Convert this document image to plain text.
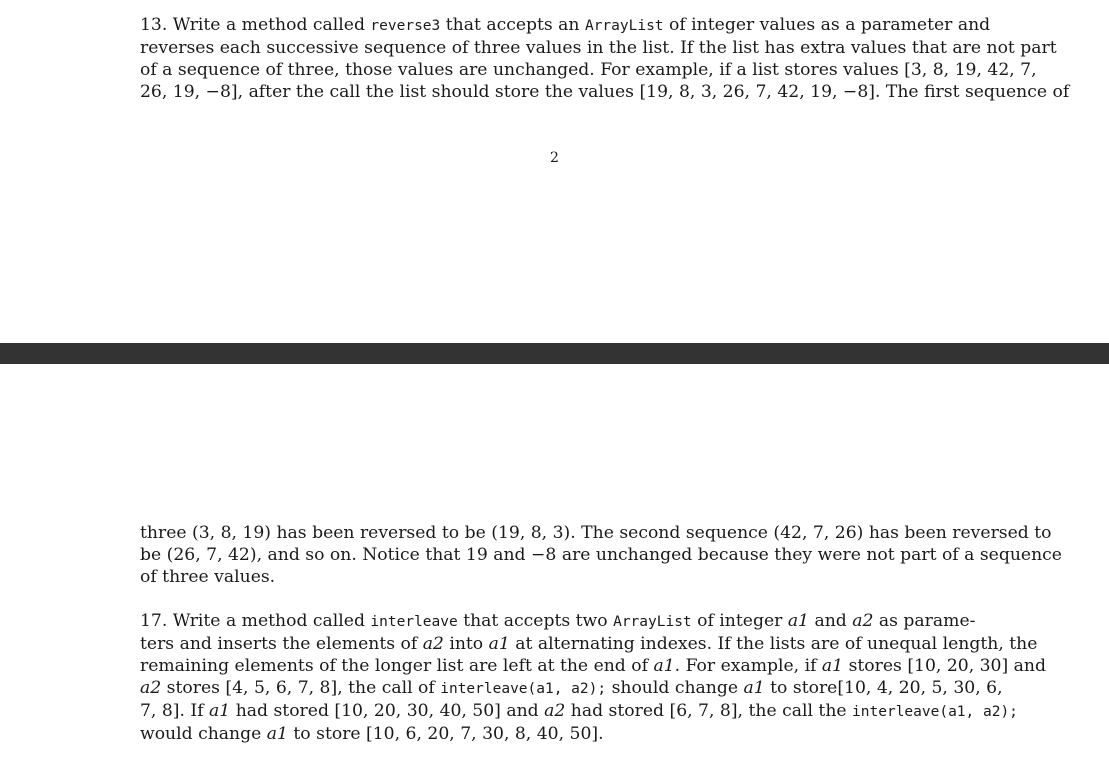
13. Write a method called reverse3 that accepts an ArrayList of integer values as a parameter and
reverses each successive sequence of three values in the list. If the list has extra values that are not part
of a sequence of three, those values are unchanged. For example, if a list stores values [3, 8, 19, 42, 7,
26, 19, −8], after the call the list should store the values [19, 8, 3, 26, 7, 42, 19, −8]. The first sequence of
2
three (3, 8, 19) has been reversed to be (19, 8, 3). The second sequence (42, 7, 26) has been reversed to
be (26, 7, 42), and so on. Notice that 19 and −8 are unchanged because they were not part of a sequence
of three values.
17. Write a method called interleave that accepts two ArrayList of integer a1 and a2 as parame-
ters and inserts the elements of a2 into a1 at alternating indexes. If the lists are of unequal length, the
remaining elements of the longer list are left at the end of a1. For example, if a1 stores [10, 20, 30] and
a2 stores [4, 5, 6, 7, 8], the call of interleave(a1, a2); should change a1 to store[10, 4, 20, 5, 30, 6,
7, 8]. If a1 had stored [10, 20, 30, 40, 50] and a2 had stored [6, 7, 8], the call the interleave(a1, a2);
would change a1 to store [10, 6, 20, 7, 30, 8, 40, 50].
